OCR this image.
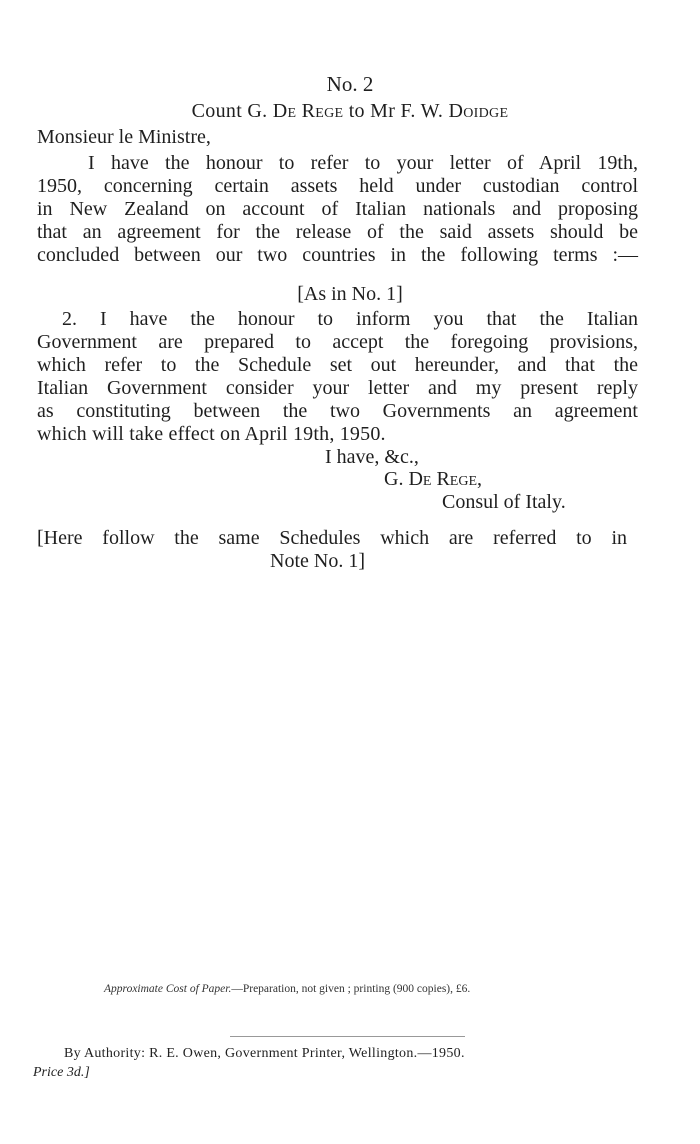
No. 2
Count G. De Rege to Mr F. W. Doidge
Monsieur le Ministre,
I have the honour to refer to your letter of April 19th,
1950, concerning certain assets held under custodian control
in New Zealand on account of Italian nationals and proposing
that an agreement for the release of the said assets should be
concluded between our two countries in the following terms :—
[As in No. 1]
2. I have the honour to inform you that the Italian
Government are prepared to accept the foregoing provisions,
which refer to the Schedule set out hereunder, and that the
Italian Government consider your letter and my present reply
as constituting between the two Governments an agreement
which will take effect on April 19th, 1950.
I have, &c.,
G. De Rege,
Consul of Italy.
[Here follow the same Schedules which are referred to in
Note No. 1]
Approximate Cost of Paper.—Preparation, not given ; printing (900 copies), £6.
By Authority: R. E. Owen, Government Printer, Wellington.—1950.
Price 3d.]
